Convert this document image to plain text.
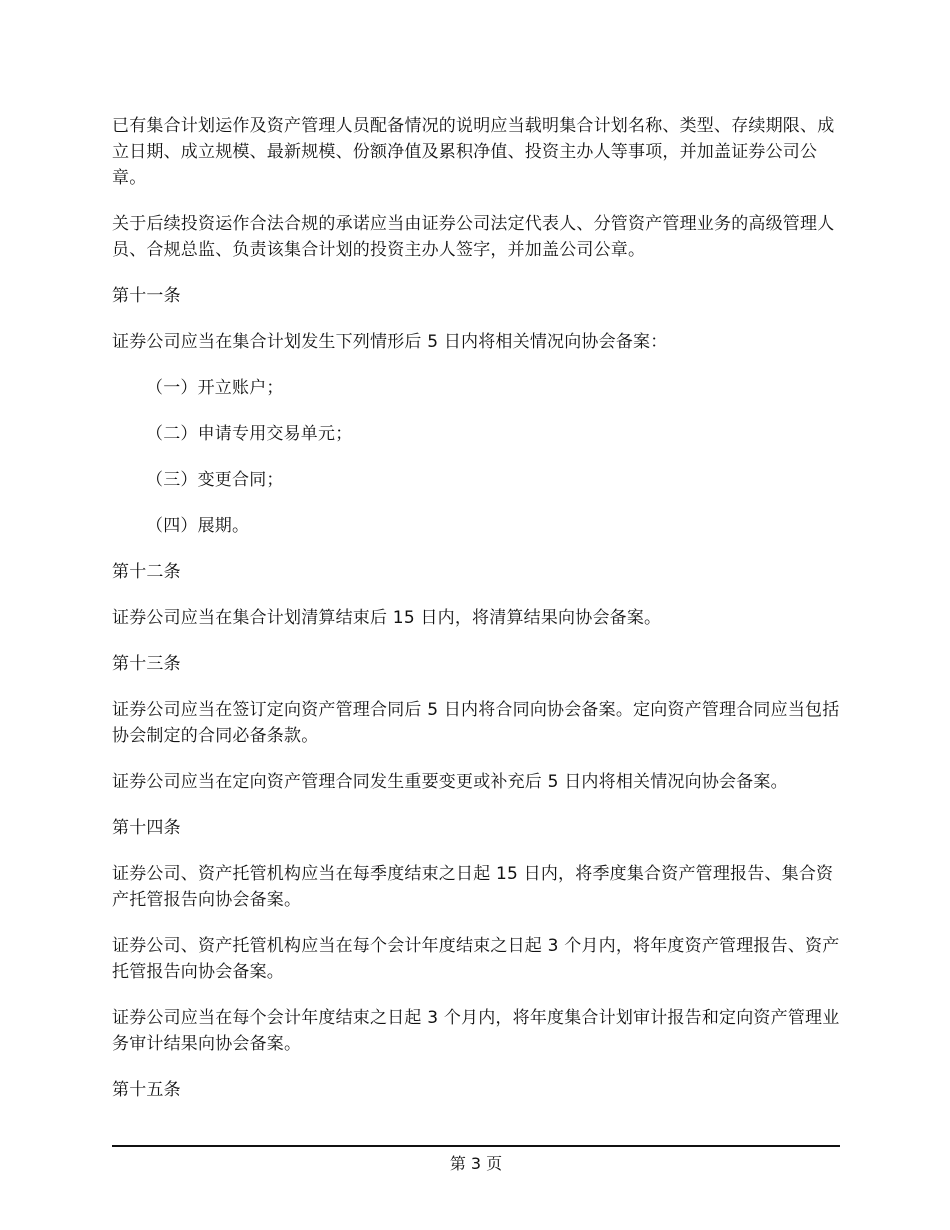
已有集合计划运作及资产管理人员配备情况的说明应当载明集合计划名称、类型、存续期限、成立日期、成立规模、最新规模、份额净值及累积净值、投资主办人等事项，并加盖证券公司公章。

关于后续投资运作合法合规的承诺应当由证券公司法定代表人、分管资产管理业务的高级管理人员、合规总监、负责该集合计划的投资主办人签字，并加盖公司公章。

第十一条

证券公司应当在集合计划发生下列情形后 5 日内将相关情况向协会备案：

（一）开立账户；

（二）申请专用交易单元；

（三）变更合同；

（四）展期。

第十二条

证券公司应当在集合计划清算结束后 15 日内，将清算结果向协会备案。

第十三条

证券公司应当在签订定向资产管理合同后 5 日内将合同向协会备案。定向资产管理合同应当包括协会制定的合同必备条款。

证券公司应当在定向资产管理合同发生重要变更或补充后 5 日内将相关情况向协会备案。

第十四条

证券公司、资产托管机构应当在每季度结束之日起 15 日内，将季度集合资产管理报告、集合资产托管报告向协会备案。

证券公司、资产托管机构应当在每个会计年度结束之日起 3 个月内，将年度资产管理报告、资产托管报告向协会备案。

证券公司应当在每个会计年度结束之日起 3 个月内，将年度集合计划审计报告和定向资产管理业务审计结果向协会备案。

第十五条

第 3 页
